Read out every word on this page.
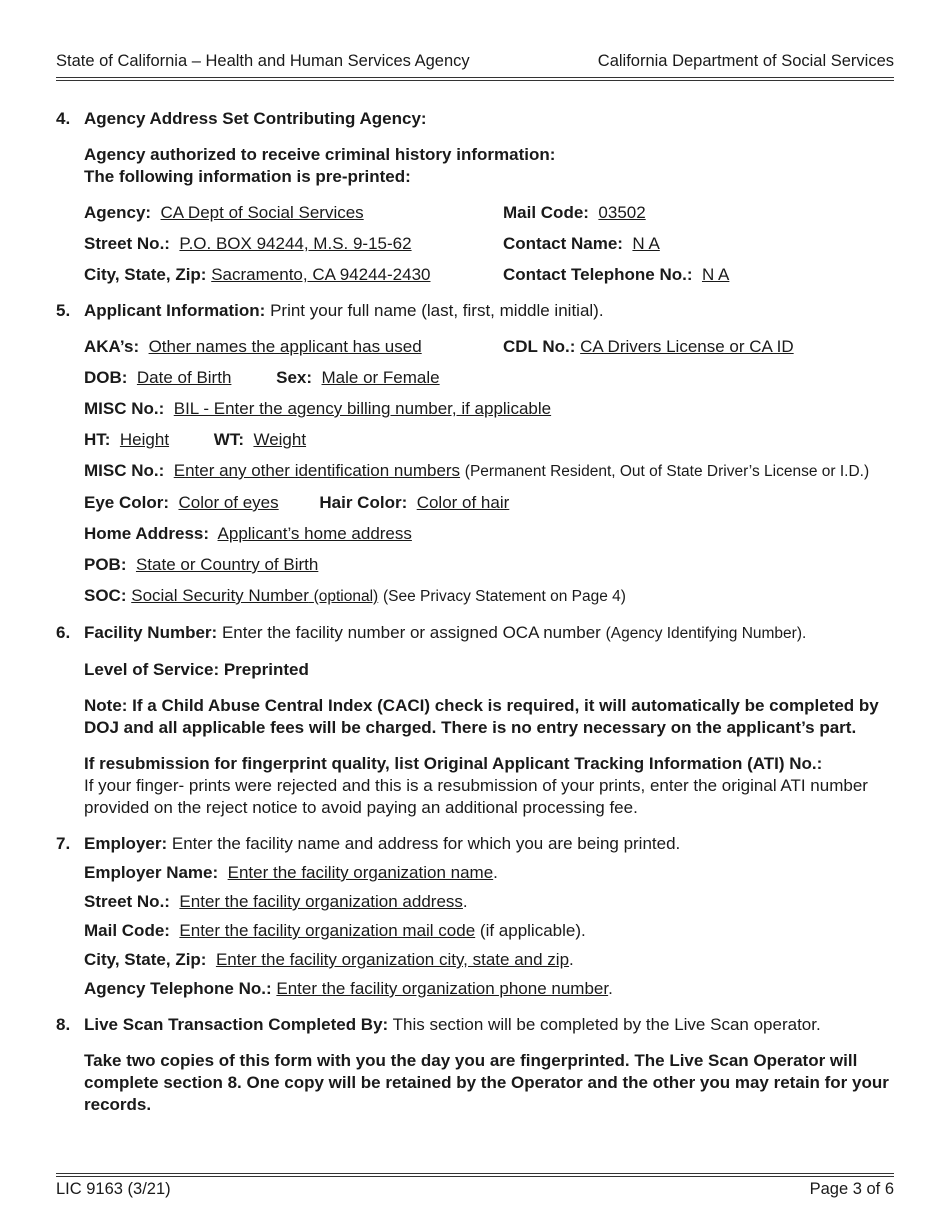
State of California – Health and Human Services Agency	California Department of Social Services
4. Agency Address Set Contributing Agency:
Agency authorized to receive criminal history information:
The following information is pre-printed:
Agency: CA Dept of Social Services	Mail Code: 03502
Street No.: P.O. BOX 94244, M.S. 9-15-62	Contact Name: N A
City, State, Zip: Sacramento, CA 94244-2430	Contact Telephone No.: N A
5. Applicant Information: Print your full name (last, first, middle initial).
AKA’s: Other names the applicant has used	CDL No.: CA Drivers License or CA ID
DOB: Date of Birth	Sex: Male or Female
MISC No.: BIL - Enter the agency billing number, if applicable
HT: Height	WT: Weight
MISC No.: Enter any other identification numbers (Permanent Resident, Out of State Driver’s License or I.D.)
Eye Color: Color of eyes Hair Color: Color of hair
Home Address: Applicant’s home address
POB: State or Country of Birth
SOC: Social Security Number (optional) (See Privacy Statement on Page 4)
6. Facility Number: Enter the facility number or assigned OCA number (Agency Identifying Number).
Level of Service: Preprinted
Note: If a Child Abuse Central Index (CACI) check is required, it will automatically be completed by DOJ and all applicable fees will be charged. There is no entry necessary on the applicant’s part.
If resubmission for fingerprint quality, list Original Applicant Tracking Information (ATI) No.:
If your finger- prints were rejected and this is a resubmission of your prints, enter the original ATI number provided on the reject notice to avoid paying an additional processing fee.
7. Employer: Enter the facility name and address for which you are being printed.
Employer Name: Enter the facility organization name.
Street No.: Enter the facility organization address.
Mail Code: Enter the facility organization mail code (if applicable).
City, State, Zip: Enter the facility organization city, state and zip.
Agency Telephone No.: Enter the facility organization phone number.
8. Live Scan Transaction Completed By: This section will be completed by the Live Scan operator.
Take two copies of this form with you the day you are fingerprinted. The Live Scan Operator will complete section 8. One copy will be retained by the Operator and the other you may retain for your records.
LIC 9163 (3/21)	Page 3 of 6
